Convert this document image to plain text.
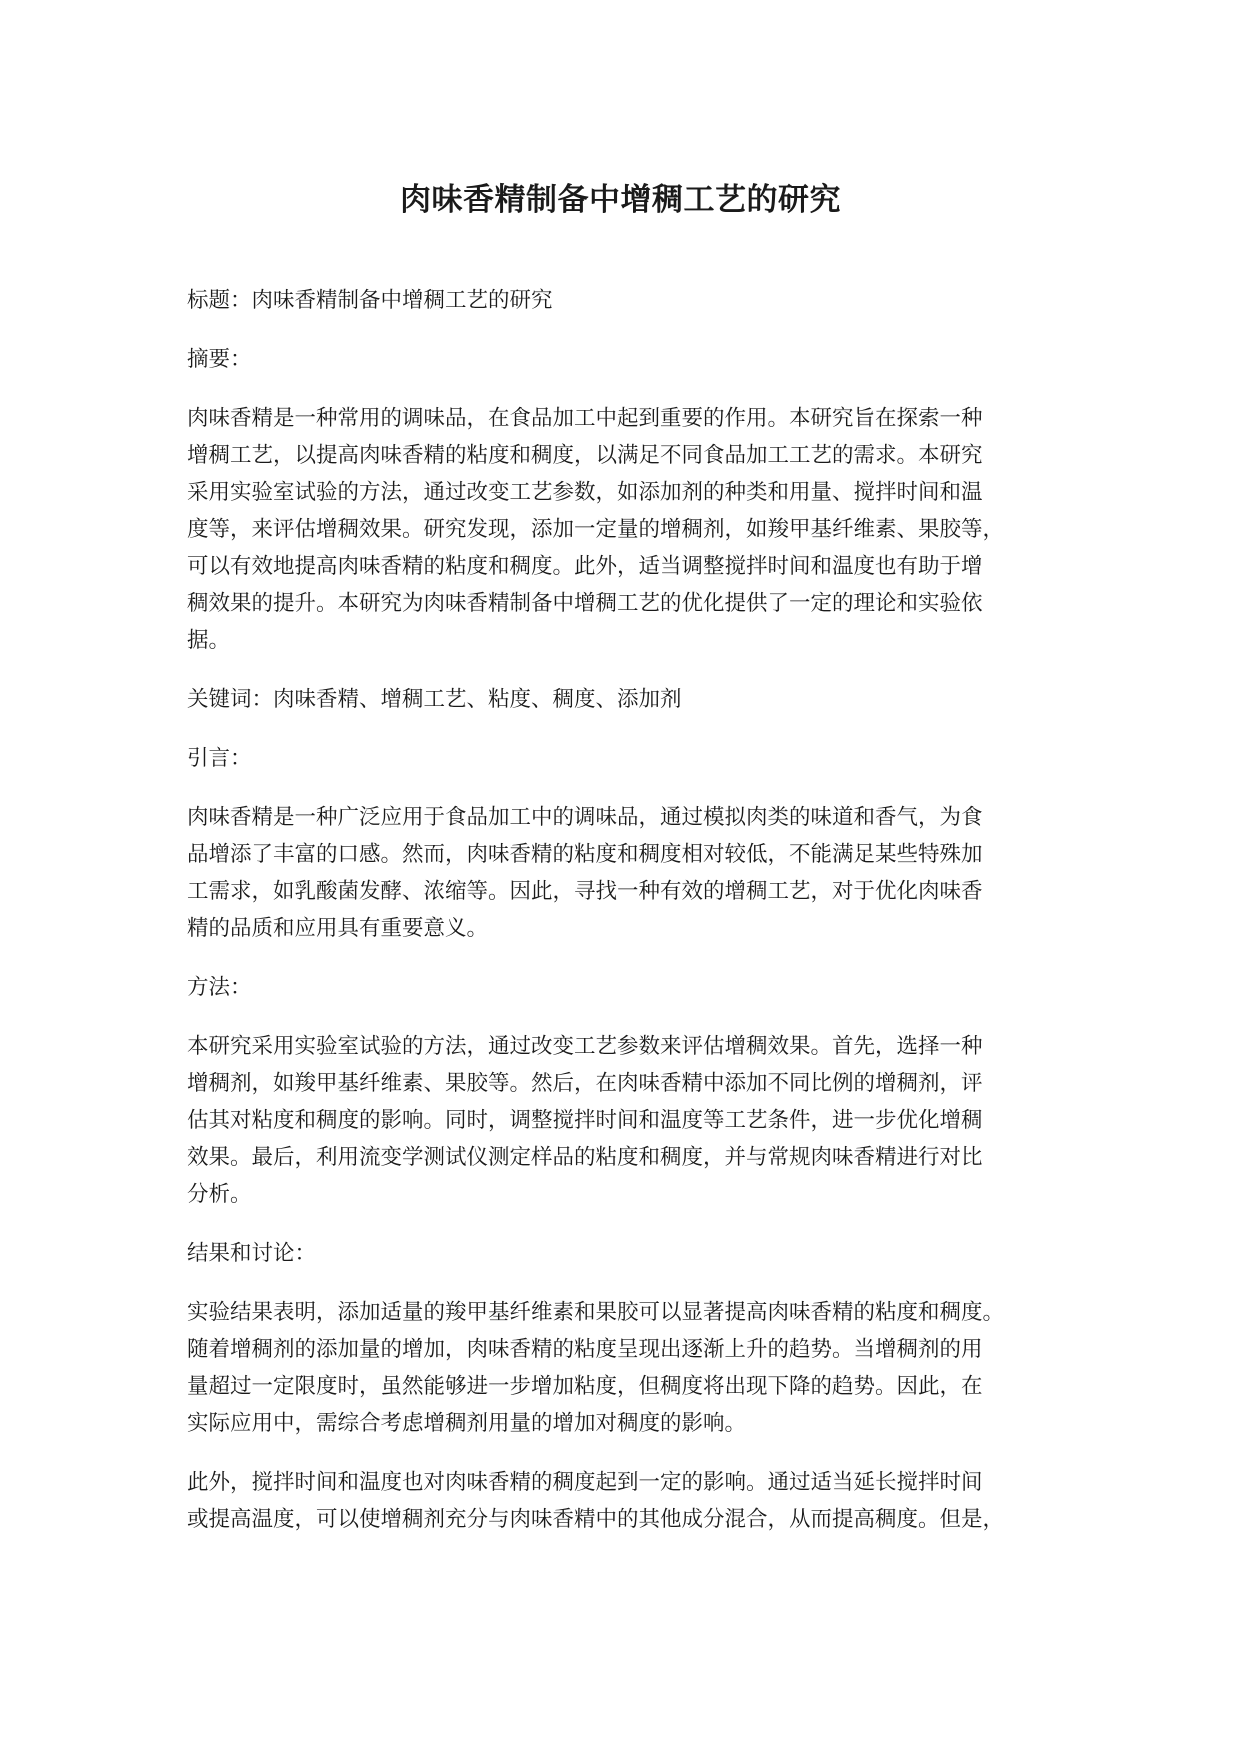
肉味香精制备中增稠工艺的研究

标题：肉味香精制备中增稠工艺的研究

摘要：

肉味香精是一种常用的调味品，在食品加工中起到重要的作用。本研究旨在探索一种
增稠工艺，以提高肉味香精的粘度和稠度，以满足不同食品加工工艺的需求。本研究
采用实验室试验的方法，通过改变工艺参数，如添加剂的种类和用量、搅拌时间和温
度等，来评估增稠效果。研究发现，添加一定量的增稠剂，如羧甲基纤维素、果胶等，
可以有效地提高肉味香精的粘度和稠度。此外，适当调整搅拌时间和温度也有助于增
稠效果的提升。本研究为肉味香精制备中增稠工艺的优化提供了一定的理论和实验依
据。

关键词：肉味香精、增稠工艺、粘度、稠度、添加剂

引言：

肉味香精是一种广泛应用于食品加工中的调味品，通过模拟肉类的味道和香气，为食
品增添了丰富的口感。然而，肉味香精的粘度和稠度相对较低，不能满足某些特殊加
工需求，如乳酸菌发酵、浓缩等。因此，寻找一种有效的增稠工艺，对于优化肉味香
精的品质和应用具有重要意义。

方法：

本研究采用实验室试验的方法，通过改变工艺参数来评估增稠效果。首先，选择一种
增稠剂，如羧甲基纤维素、果胶等。然后，在肉味香精中添加不同比例的增稠剂，评
估其对粘度和稠度的影响。同时，调整搅拌时间和温度等工艺条件，进一步优化增稠
效果。最后，利用流变学测试仪测定样品的粘度和稠度，并与常规肉味香精进行对比
分析。

结果和讨论：

实验结果表明，添加适量的羧甲基纤维素和果胶可以显著提高肉味香精的粘度和稠度。
随着增稠剂的添加量的增加，肉味香精的粘度呈现出逐渐上升的趋势。当增稠剂的用
量超过一定限度时，虽然能够进一步增加粘度，但稠度将出现下降的趋势。因此，在
实际应用中，需综合考虑增稠剂用量的增加对稠度的影响。

此外，搅拌时间和温度也对肉味香精的稠度起到一定的影响。通过适当延长搅拌时间
或提高温度，可以使增稠剂充分与肉味香精中的其他成分混合，从而提高稠度。但是，
